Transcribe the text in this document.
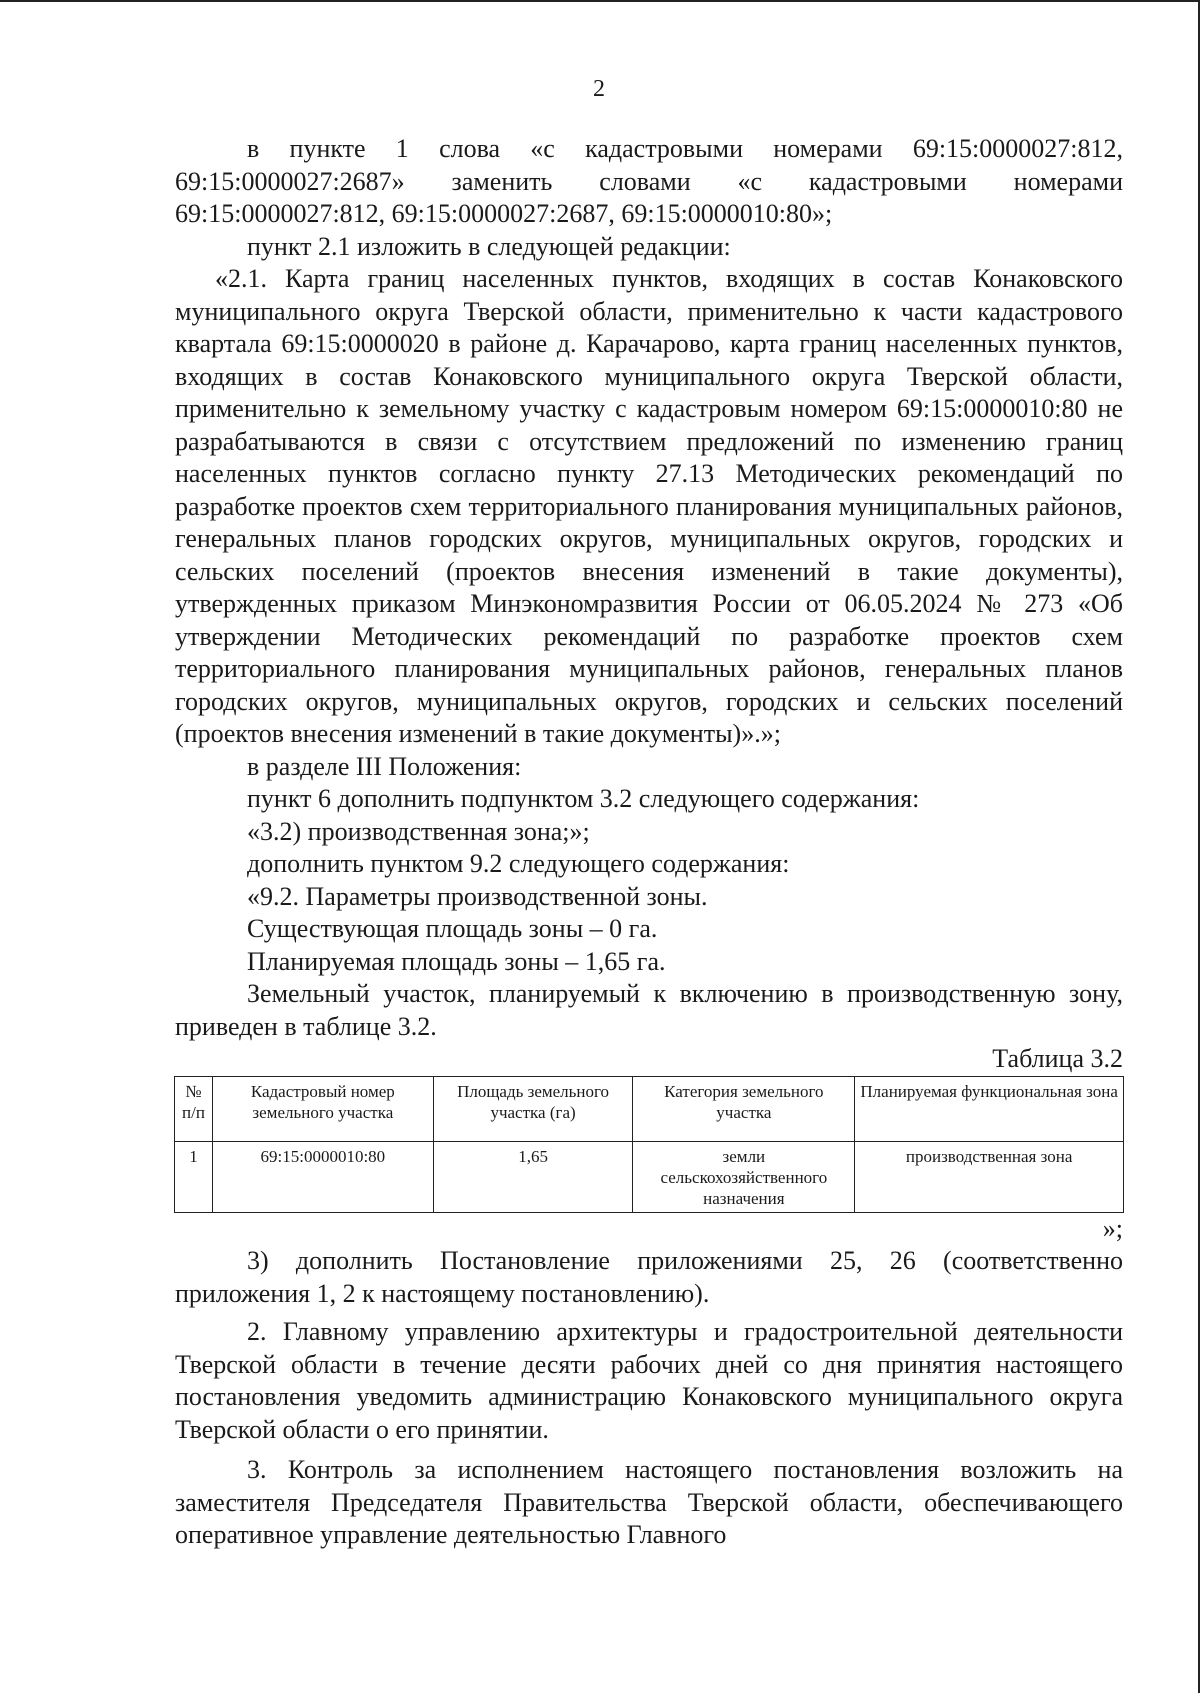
2

в пункте 1 слова «с кадастровыми номерами 69:15:0000027:812, 69:15:0000027:2687» заменить словами «с кадастровыми номерами 69:15:0000027:812, 69:15:0000027:2687, 69:15:0000010:80»;

пункт 2.1 изложить в следующей редакции:

«2.1. Карта границ населенных пунктов, входящих в состав Конаковского муниципального округа Тверской области, применительно к части кадастрового квартала 69:15:0000020 в районе д. Карачарово, карта границ населенных пунктов, входящих в состав Конаковского муниципального округа Тверской области, применительно к земельному участку с кадастровым номером 69:15:0000010:80 не разрабатываются в связи с отсутствием предложений по изменению границ населенных пунктов согласно пункту 27.13 Методических рекомендаций по разработке проектов схем территориального планирования муниципальных районов, генеральных планов городских округов, муниципальных округов, городских и сельских поселений (проектов внесения изменений в такие документы), утвержденных приказом Минэкономразвития России от 06.05.2024 № 273 «Об утверждении Методических рекомендаций по разработке проектов схем территориального планирования муниципальных районов, генеральных планов городских округов, муниципальных округов, городских и сельских поселений (проектов внесения изменений в такие документы)».»;

в разделе III Положения:

пункт 6 дополнить подпунктом 3.2 следующего содержания:

«3.2) производственная зона;»;

дополнить пунктом 9.2 следующего содержания:

«9.2. Параметры производственной зоны.

Существующая площадь зоны – 0 га.

Планируемая площадь зоны – 1,65 га.

Земельный участок, планируемый к включению в производственную зону, приведен в таблице 3.2.

Таблица 3.2

№ п/п	Кадастровый номер земельного участка	Площадь земельного участка (га)	Категория земельного участка	Планируемая функциональная зона
1	69:15:0000010:80	1,65	земли сельскохозяйственного назначения	производственная зона

»;

3) дополнить Постановление приложениями 25, 26 (соответственно приложения 1, 2 к настоящему постановлению).

2. Главному управлению архитектуры и градостроительной деятельности Тверской области в течение десяти рабочих дней со дня принятия настоящего постановления уведомить администрацию Конаковского муниципального округа Тверской области о его принятии.

3. Контроль за исполнением настоящего постановления возложить на заместителя Председателя Правительства Тверской области, обеспечивающего оперативное управление деятельностью Главного
